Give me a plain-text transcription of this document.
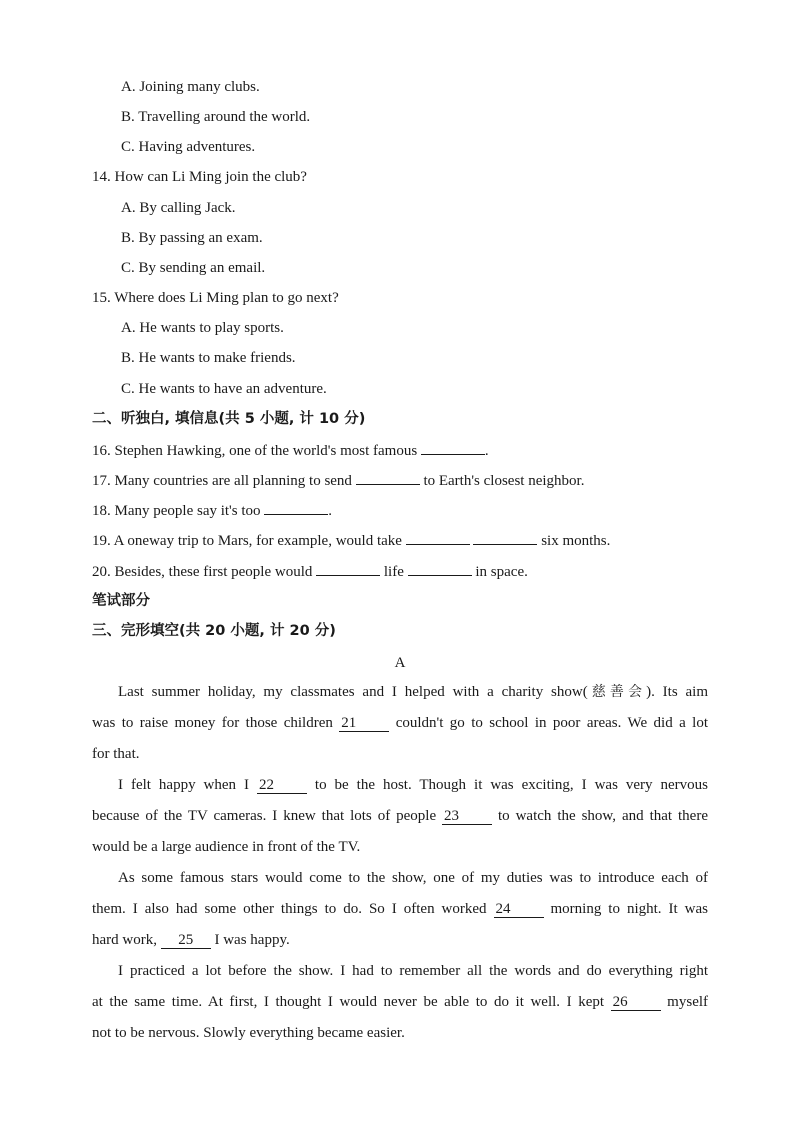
A. Joining many clubs.
B. Travelling around the world.
C. Having adventures.
14. How can Li Ming join the club?
A. By calling Jack.
B. By passing an exam.
C. By sending an email.
15. Where does Li Ming plan to go next?
A. He wants to play sports.
B. He wants to make friends.
C. He wants to have an adventure.
二、听独白, 填信息(共 5 小题, 计 10 分)
16. Stephen Hawking, one of the world's most famous	.
17. Many countries are all planning to send	to Earth's closest neighbor.
18. Many people say it's too	.
19. A oneway trip to Mars, for example, would take	six months.
20. Besides, these first people would	life	in space.
笔试部分
三、完形填空(共 20 小题, 计 20 分)
A
Last summer holiday, my classmates and I helped with a charity show(慈善会). Its aim
was to raise money for those children 21 couldn't go to school in poor areas. We did a lot
for that.
I felt happy when I 22 to be the host. Though it was exciting, I was very nervous
because of the TV cameras. I knew that lots of people 23 to watch the show, and that there
would be a large audience in front of the TV.
As some famous stars would come to the show, one of my duties was to introduce each of
them. I also had some other things to do. So I often worked 24 morning to night. It was
hard work, 25 I was happy.
I practiced a lot before the show. I had to remember all the words and do everything right
at the same time. At first, I thought I would never be able to do it well. I kept 26 myself
not to be nervous. Slowly everything became easier.
